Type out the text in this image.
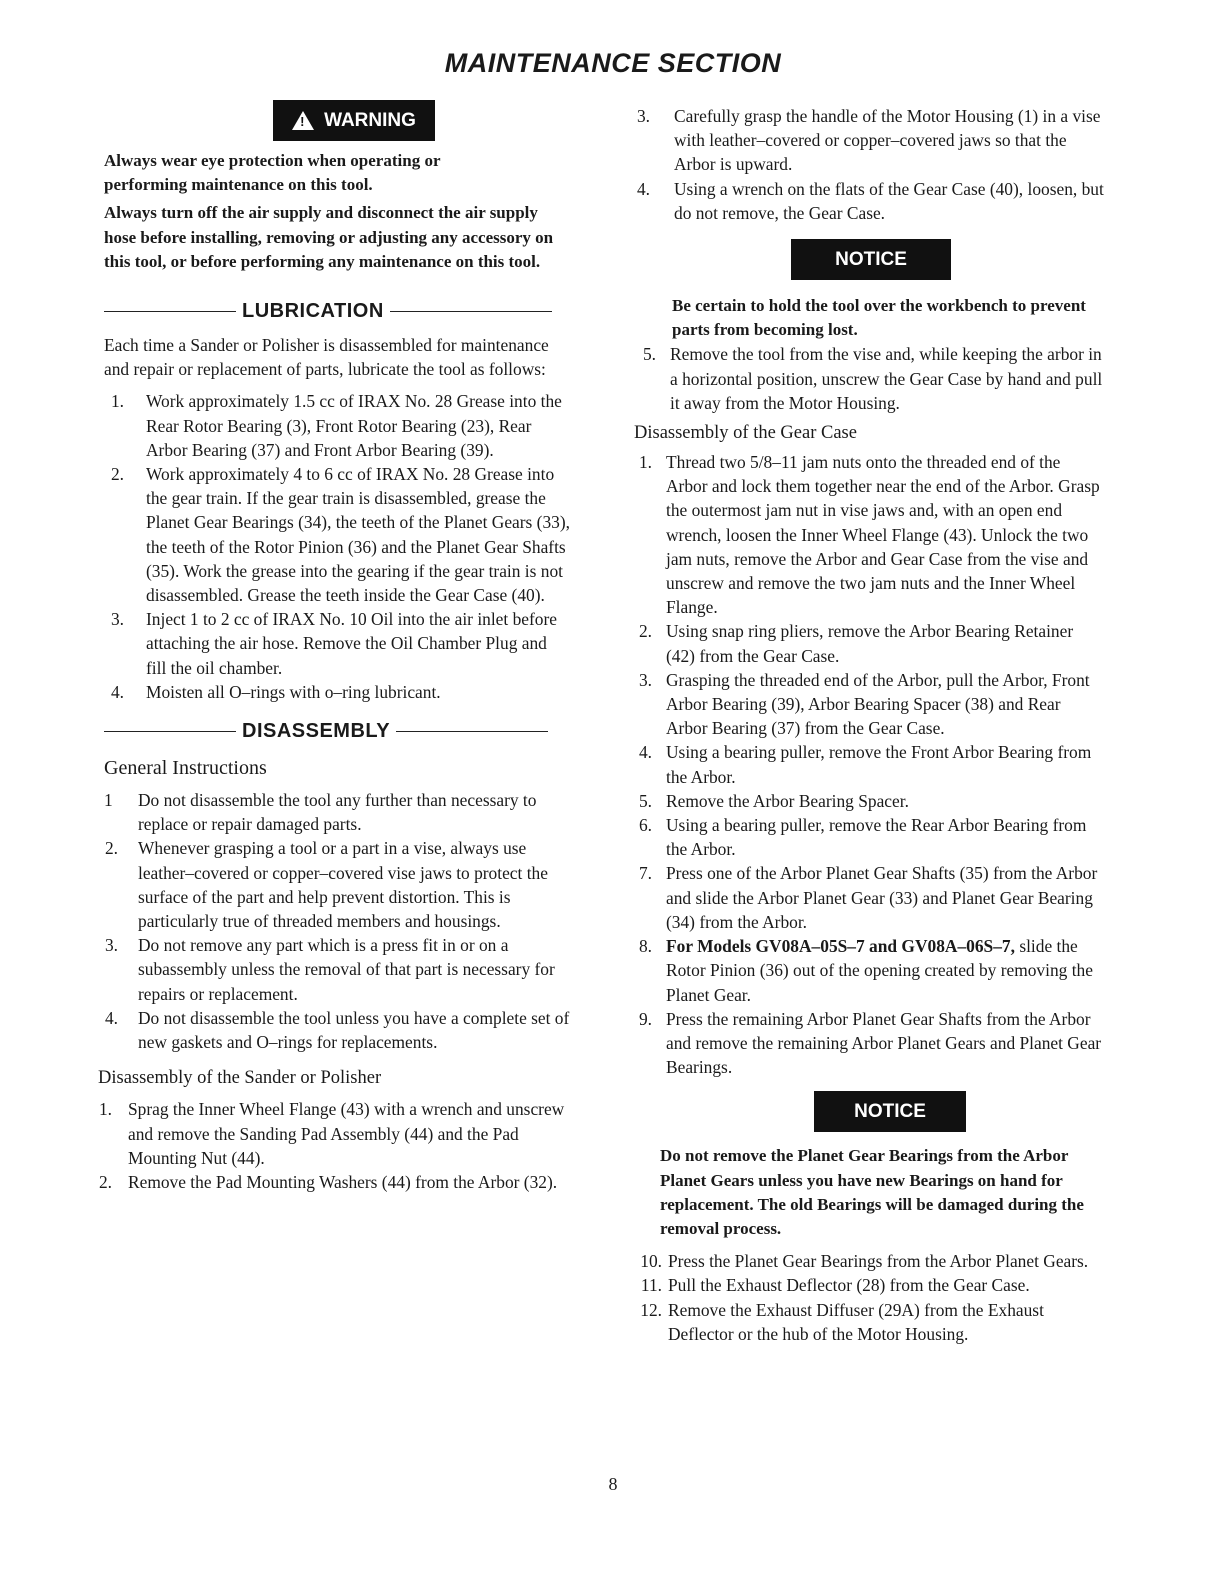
MAINTENANCE SECTION
!
WARNING

Always wear eye protection when operating or performing maintenance on this tool.

Always turn off the air supply and disconnect the air supply hose before installing, removing or adjusting any accessory on this tool, or before performing any maintenance on this tool.

LUBRICATION

Each time a Sander or Polisher is disassembled for maintenance and repair or replacement of parts, lubricate the tool as follows:

1. Work approximately 1.5 cc of IRAX No. 28 Grease into the Rear Rotor Bearing (3), Front Rotor Bearing (23), Rear Arbor Bearing (37) and Front Arbor Bearing (39).
2. Work approximately 4 to 6 cc of IRAX No. 28 Grease into the gear train. If the gear train is disassembled, grease the Planet Gear Bearings (34), the teeth of the Planet Gears (33), the teeth of the Rotor Pinion (36) and the Planet Gear Shafts (35). Work the grease into the gearing if the gear train is not disassembled. Grease the teeth inside the Gear Case (40).
3. Inject 1 to 2 cc of IRAX No. 10 Oil into the air inlet before attaching the air hose. Remove the Oil Chamber Plug and fill the oil chamber.
4. Moisten all O–rings with o–ring lubricant.
DISASSEMBLY

General Instructions

1	Do not disassemble the tool any further than necessary to replace or repair damaged parts.
2. Whenever grasping a tool or a part in a vise, always use leather–covered or copper–covered vise jaws to protect the surface of the part and help prevent distortion. This is particularly true of threaded members and housings.
3. Do not remove any part which is a press fit in or on a subassembly unless the removal of that part is necessary for repairs or replacement.
4. Do not disassemble the tool unless you have a complete set of new gaskets and O–rings for replacements.

Disassembly of the Sander or Polisher

1. Sprag the Inner Wheel Flange (43) with a wrench and unscrew and remove the Sanding Pad Assembly (44) and the Pad Mounting Nut (44).
2. Remove the Pad Mounting Washers (44) from the Arbor (32).
3. Carefully grasp the handle of the Motor Housing (1) in a vise with leather–covered or copper–covered jaws so that the Arbor is upward.
4. Using a wrench on the flats of the Gear Case (40), loosen, but do not remove, the Gear Case.
NOTICE

Be certain to hold the tool over the workbench to prevent parts from becoming lost.

5. Remove the tool from the vise and, while keeping the arbor in a horizontal position, unscrew the Gear Case by hand and pull it away from the Motor Housing.

Disassembly of the Gear Case

1. Thread two 5/8–11 jam nuts onto the threaded end of the Arbor and lock them together near the end of the Arbor. Grasp the outermost jam nut in vise jaws and, with an open end wrench, loosen the Inner Wheel Flange (43). Unlock the two jam nuts, remove the Arbor and Gear Case from the vise and unscrew and remove the two jam nuts and the Inner Wheel Flange.
2. Using snap ring pliers, remove the Arbor Bearing Retainer (42) from the Gear Case.
3. Grasping the threaded end of the Arbor, pull the Arbor, Front Arbor Bearing (39), Arbor Bearing Spacer (38) and Rear Arbor Bearing (37) from the Gear Case.
4. Using a bearing puller, remove the Front Arbor Bearing from the Arbor.
5. Remove the Arbor Bearing Spacer.
6. Using a bearing puller, remove the Rear Arbor Bearing from the Arbor.
7. Press one of the Arbor Planet Gear Shafts (35) from the Arbor and slide the Arbor Planet Gear (33) and Planet Gear Bearing (34) from the Arbor.
8. For Models GV08A–05S–7 and GV08A–06S–7, slide the Rotor Pinion (36) out of the opening created by removing the Planet Gear.
9. Press the remaining Arbor Planet Gear Shafts from the Arbor and remove the remaining Arbor Planet Gears and Planet Gear Bearings.
NOTICE

Do not remove the Planet Gear Bearings from the Arbor Planet Gears unless you have new Bearings on hand for replacement. The old Bearings will be damaged during the removal process.

10. Press the Planet Gear Bearings from the Arbor Planet Gears.
11. Pull the Exhaust Deflector (28) from the Gear Case.
12. Remove the Exhaust Diffuser (29A) from the Exhaust Deflector or the hub of the Motor Housing.
8
